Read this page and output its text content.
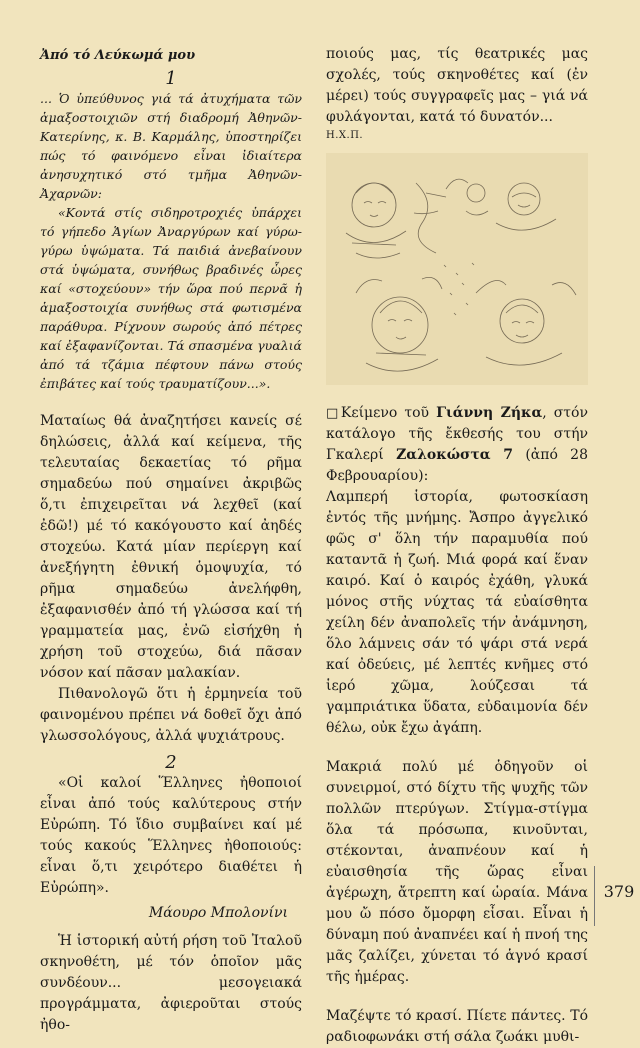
Ἀπό τό Λεύκωμά μου

1

... Ὁ ὑπεύθυνος γιά τά ἀτυχήματα τῶν ἁμαξοστοιχιῶν στή διαδρομή Ἀθηνῶν-Κατερίνης, κ. Β. Καρμάλης, ὑποστηρίζει πώς τό φαινόμενο εἶναι ἰδιαίτερα ἀνησυχητικό στό τμῆμα Ἀθηνῶν-Ἀχαρνῶν:

«Κοντά στίς σιδηροτροχιές ὑπάρχει τό γήπεδο Ἁγίων Ἀναργύρων καί γύρω-γύρω ὑψώματα. Τά παιδιά ἀνεβαίνουν στά ὑψώματα, συνήθως βραδινές ὧρες καί «στοχεύουν» τήν ὥρα πού περνᾶ ἡ ἁμαξοστοιχία συνήθως στά φωτισμένα παράθυρα. Ρίχνουν σωρούς ἀπό πέτρες καί ἐξαφανίζονται. Τά σπασμένα γυαλιά ἀπό τά τζάμια πέφτουν πάνω στούς ἐπιβάτες καί τούς τραυματίζουν...».

Ματαίως θά ἀναζητήσει κανείς σέ δηλώσεις, ἀλλά καί κείμενα, τῆς τελευταίας δεκαετίας τό ρῆμα σημαδεύω πού σημαίνει ἀκριβῶς ὅ,τι ἐπιχειρεῖται νά λεχθεῖ (καί ἐδῶ!) μέ τό κακόγουστο καί ἀηδές στοχεύω. Κατά μίαν περίεργη καί ἀνεξήγητη ἐθνική ὁμοψυχία, τό ρῆμα σημαδεύω ἀνελήφθη, ἐξαφανισθέν ἀπό τή γλώσσα καί τή γραμματεία μας, ἐνῶ εἰσήχθη ἡ χρήση τοῦ στοχεύω, διά πᾶσαν νόσον καί πᾶσαν μαλακίαν.

Πιθανολογῶ ὅτι ἡ ἑρμηνεία τοῦ φαινομένου πρέπει νά δοθεῖ ὄχι ἀπό γλωσσολόγους, ἀλλά ψυχιάτρους.

2

«Οἱ καλοί Ἕλληνες ἠθοποιοί εἶναι ἀπό τούς καλύτερους στήν Εὐρώπη. Τό ἴδιο συμβαίνει καί μέ τούς κακούς Ἕλληνες ἠθοποιούς: εἶναι ὅ,τι χειρότερο διαθέτει ἡ Εὐρώπη».

Μάουρο Μπολονίνι

Ἡ ἱστορική αὐτή ρήση τοῦ Ἰταλοῦ σκηνοθέτη, μέ τόν ὁποῖον μᾶς συνδέουν... μεσογειακά προγράμματα, ἀφιεροῦται στούς ἠθο-

ποιούς μας, τίς θεατρικές μας σχολές, τούς σκηνοθέτες καί (ἐν μέρει) τούς συγγραφεῖς μας – γιά νά φυλάγονται, κατά τό δυνατόν...

Η.Χ.Π.

□Κείμενο τοῦ Γιάννη Ζήκα, στόν κατάλογο τῆς ἔκθεσής του στήν Γκαλερί Ζαλοκώστα 7 (ἀπό 28 Φεβρουαρίου):

Λαμπερή ἱστορία, φωτοσκίαση ἐντός τῆς μνήμης. Ἄσπρο ἀγγελικό φῶς σ' ὅλη τήν παραμυθία πού καταντᾶ ἡ ζωή. Μιά φορά καί ἕναν καιρό. Καί ὁ καιρός ἐχάθη, γλυκά μόνος στῆς νύχτας τά εὐαίσθητα χείλη δέν ἀναπολεῖς τήν ἀνάμνηση, ὅλο λάμνεις σάν τό ψάρι στά νερά καί ὀδεύεις, μέ λεπτές κνῆμες στό ἱερό χῶμα, λούζεσαι τά γαμπριάτικα ὕδατα, εὐδαιμονία δέν θέλω, οὐκ ἔχω ἀγάπη.

Μακριά πολύ μέ ὁδηγοῦν οἱ συνειρμοί, στό δίχτυ τῆς ψυχῆς τῶν πολλῶν πτερύγων. Στίγμα-στίγμα ὅλα τά πρόσωπα, κινοῦνται, στέκονται, ἀναπνέουν καί ἡ εὐαισθησία τῆς ὥρας εἶναι ἀγέρωχη, ἄτρεπτη καί ὡραία. Μάνα μου ὤ πόσο ὄμορφη εἶσαι. Εἶναι ἡ δύναμη πού ἀναπνέει καί ἡ πνοή της μᾶς ζαλίζει, χύνεται τό ἁγνό κρασί τῆς ἡμέρας.

Μαζέψτε τό κρασί. Πίετε πάντες. Τό ραδιοφωνάκι στή σάλα ζωάκι μυθι-

379
